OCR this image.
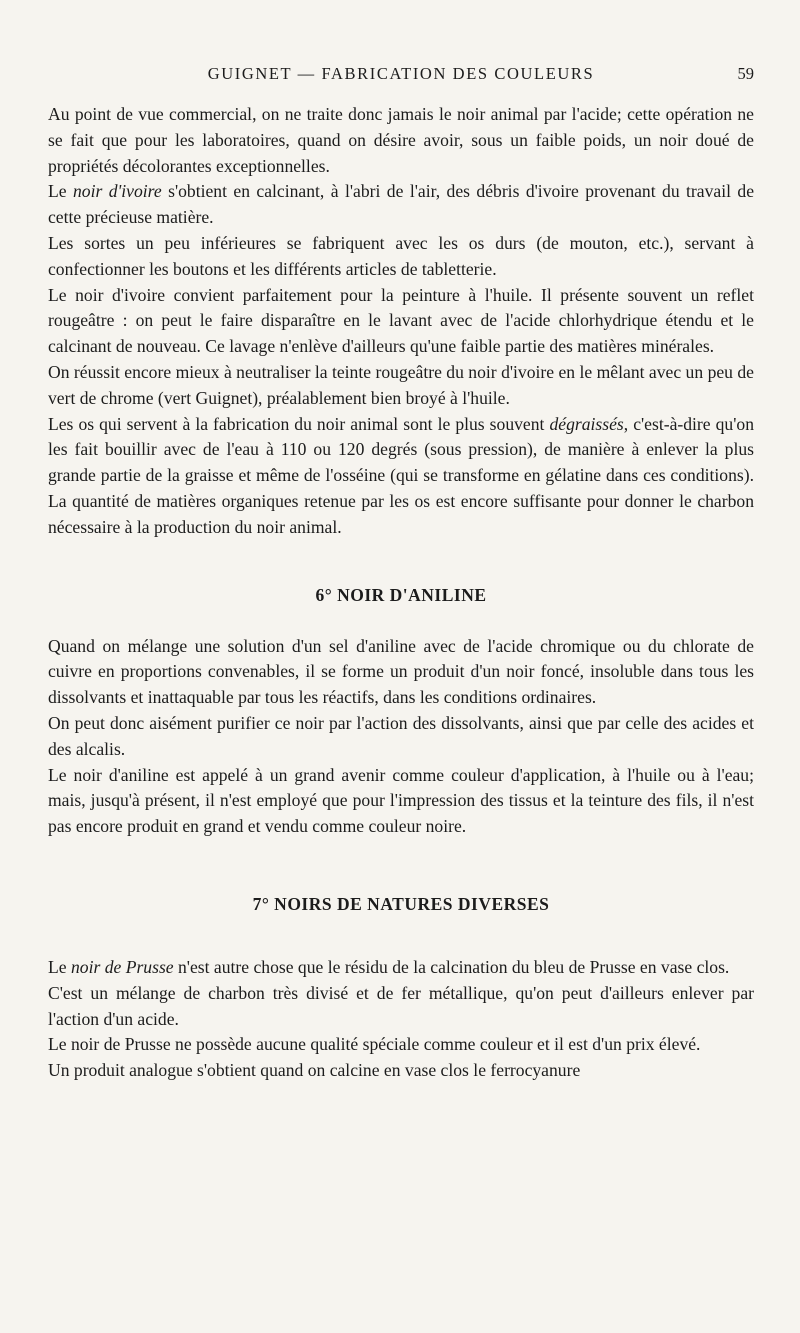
GUIGNET — FABRICATION DES COULEURS	59

Au point de vue commercial, on ne traite donc jamais le noir animal par l'acide; cette opération ne se fait que pour les laboratoires, quand on désire avoir, sous un faible poids, un noir doué de propriétés décolorantes exceptionnelles.

Le noir d'ivoire s'obtient en calcinant, à l'abri de l'air, des débris d'ivoire provenant du travail de cette précieuse matière.

Les sortes un peu inférieures se fabriquent avec les os durs (de mouton, etc.), servant à confectionner les boutons et les différents articles de tabletterie.

Le noir d'ivoire convient parfaitement pour la peinture à l'huile. Il présente souvent un reflet rougeâtre : on peut le faire disparaître en le lavant avec de l'acide chlorhydrique étendu et le calcinant de nouveau. Ce lavage n'enlève d'ailleurs qu'une faible partie des matières minérales.

On réussit encore mieux à neutraliser la teinte rougeâtre du noir d'ivoire en le mêlant avec un peu de vert de chrome (vert Guignet), préalablement bien broyé à l'huile.

Les os qui servent à la fabrication du noir animal sont le plus souvent dégraissés, c'est-à-dire qu'on les fait bouillir avec de l'eau à 110 ou 120 degrés (sous pression), de manière à enlever la plus grande partie de la graisse et même de l'osséine (qui se transforme en gélatine dans ces conditions). La quantité de matières organiques retenue par les os est encore suffisante pour donner le charbon nécessaire à la production du noir animal.

6° NOIR D'ANILINE

Quand on mélange une solution d'un sel d'aniline avec de l'acide chromique ou du chlorate de cuivre en proportions convenables, il se forme un produit d'un noir foncé, insoluble dans tous les dissolvants et inattaquable par tous les réactifs, dans les conditions ordinaires.

On peut donc aisément purifier ce noir par l'action des dissolvants, ainsi que par celle des acides et des alcalis.

Le noir d'aniline est appelé à un grand avenir comme couleur d'application, à l'huile ou à l'eau; mais, jusqu'à présent, il n'est employé que pour l'impression des tissus et la teinture des fils, il n'est pas encore produit en grand et vendu comme couleur noire.

7° NOIRS DE NATURES DIVERSES

Le noir de Prusse n'est autre chose que le résidu de la calcination du bleu de Prusse en vase clos.

C'est un mélange de charbon très divisé et de fer métallique, qu'on peut d'ailleurs enlever par l'action d'un acide.

Le noir de Prusse ne possède aucune qualité spéciale comme couleur et il est d'un prix élevé.

Un produit analogue s'obtient quand on calcine en vase clos le ferrocyanure
